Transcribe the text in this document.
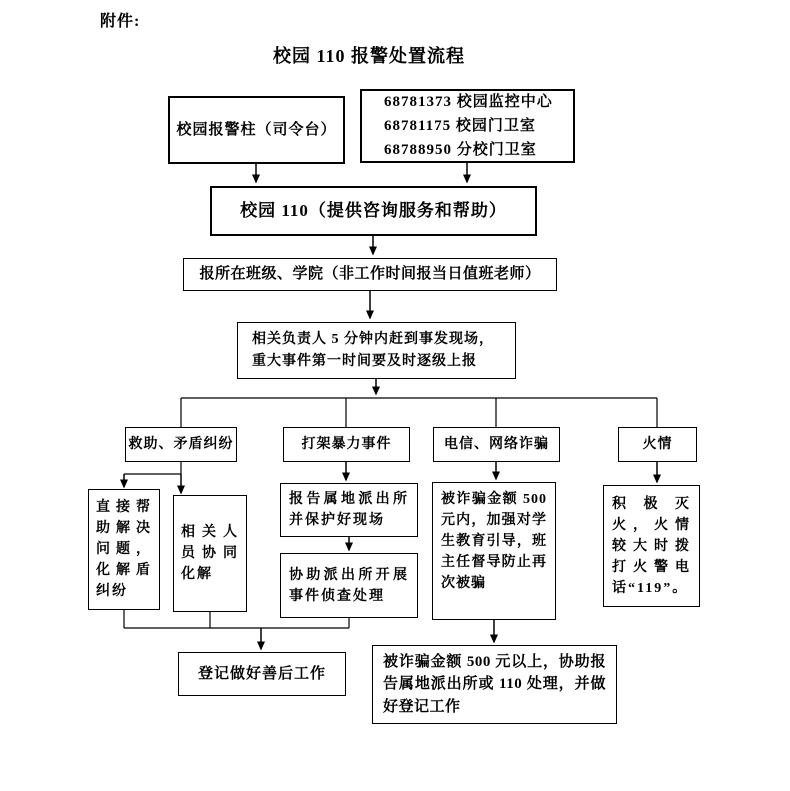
附件:
校园 110 报警处置流程
校园报警柱（司令台）
68781373 校园监控中心
68781175 校园门卫室
68788950 分校门卫室
校园 110（提供咨询服务和帮助）
报所在班级、学院（非工作时间报当日值班老师）
相关负责人 5 分钟内赶到事发现场，
重大事件第一时间要及时逐级上报
救助、矛盾纠纷	打架暴力事件	电信、网络诈骗	火情
直接帮助解决问题，化解盾纠纷
相关人员协同化解
报告属地派出所并保护好现场
协助派出所开展事件侦查处理
被诈骗金额 500 元内，加强对学生教育引导，班主任督导防止再次被骗
积极灭火，火情较大时拨打火警电话“119”。
登记做好善后工作
被诈骗金额 500 元以上，协助报告属地派出所或 110 处理，并做好登记工作
